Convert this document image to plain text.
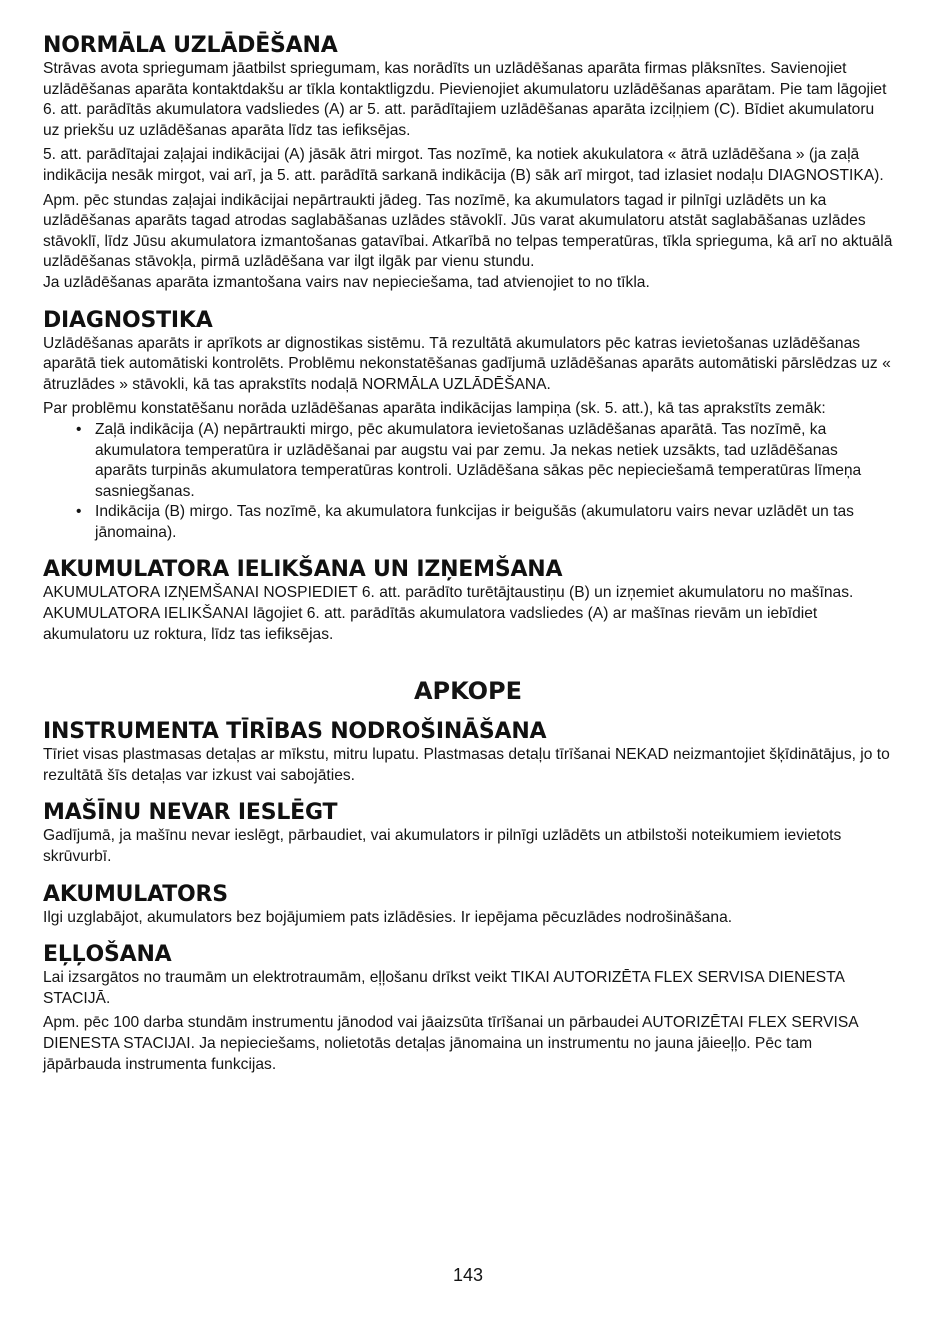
NORMĀLA UZLĀDĒŠANA

Strāvas avota spriegumam jāatbilst spriegumam, kas norādīts un uzlādēšanas aparāta firmas plāksnītes. Savienojiet uzlādēšanas aparāta kontaktdakšu ar tīkla kontaktligzdu. Pievienojiet akumulatoru uzlādēšanas aparātam. Pie tam lāgojiet 6. att. parādītās akumulatora vadsliedes (A) ar 5. att. parādītajiem uzlādēšanas aparāta izciļņiem (C). Bīdiet akumulatoru uz priekšu uz uzlādēšanas aparāta līdz tas iefiksējas.

5. att. parādītajai zaļajai indikācijai (A) jāsāk ātri mirgot. Tas nozīmē, ka notiek akukulatora « ātrā uzlādēšana » (ja zaļā indikācija nesāk mirgot, vai arī, ja 5. att. parādītā sarkanā indikācija (B) sāk arī mirgot, tad izlasiet nodaļu DIAGNOSTIKA).

Apm. pēc stundas zaļajai indikācijai nepārtraukti jādeg. Tas nozīmē, ka akumulators tagad ir pilnīgi uzlādēts un ka uzlādēšanas aparāts tagad atrodas saglabāšanas uzlādes stāvoklī. Jūs varat akumulatoru atstāt saglabāšanas uzlādes stāvoklī, līdz Jūsu akumulatora izmantošanas gatavībai. Atkarībā no telpas temperatūras, tīkla sprieguma, kā arī no aktuālā uzlādēšanas stāvokļa, pirmā uzlādēšana var ilgt ilgāk par vienu stundu.

Ja uzlādēšanas aparāta izmantošana vairs nav nepieciešama, tad atvienojiet to no tīkla.

DIAGNOSTIKA

Uzlādēšanas aparāts ir aprīkots ar dignostikas sistēmu. Tā rezultātā akumulators pēc katras ievietošanas uzlādēšanas aparātā tiek automātiski kontrolēts. Problēmu nekonstatēšanas gadījumā uzlādēšanas aparāts automātiski pārslēdzas uz « ātruzlādes » stāvokli, kā tas aprakstīts nodaļā NORMĀLA UZLĀDĒŠANA.

Par problēmu konstatēšanu norāda uzlādēšanas aparāta indikācijas lampiņa (sk. 5. att.), kā tas aprakstīts zemāk:

• Zaļā indikācija (A) nepārtraukti mirgo, pēc akumulatora ievietošanas uzlādēšanas aparātā. Tas nozīmē, ka akumulatora temperatūra ir uzlādēšanai par augstu vai par zemu. Ja nekas netiek uzsākts, tad uzlādēšanas aparāts turpinās akumulatora temperatūras kontroli. Uzlādēšana sākas pēc nepieciešamā temperatūras līmeņa sasniegšanas.
• Indikācija (B) mirgo. Tas nozīmē, ka akumulatora funkcijas ir beigušās (akumulatoru vairs nevar uzlādēt un tas jānomaina).
AKUMULATORA IELIKŠANA UN IZŅEMŠANA

AKUMULATORA IZŅEMŠANAI NOSPIEDIET 6. att. parādīto turētājtaustiņu (B) un izņemiet akumulatoru no mašīnas.

AKUMULATORA IELIKŠANAI lāgojiet 6. att. parādītās akumulatora vadsliedes (A) ar mašīnas rievām un iebīdiet akumulatoru uz roktura, līdz tas iefiksējas.

APKOPE
INSTRUMENTA TĪRĪBAS NODROŠINĀŠANA

Tīriet visas plastmasas detaļas ar mīkstu, mitru lupatu. Plastmasas detaļu tīrīšanai NEKAD neizmantojiet šķīdinātājus, jo to rezultātā šīs detaļas var izkust vai sabojāties.

MAŠĪNU NEVAR IESLĒGT

Gadījumā, ja mašīnu nevar ieslēgt, pārbaudiet, vai akumulators ir pilnīgi uzlādēts un atbilstoši noteikumiem ievietots skrūvurbī.

AKUMULATORS

Ilgi uzglabājot, akumulators bez bojājumiem pats izlādēsies. Ir iepējama pēcuzlādes nodrošināšana.

EĻĻOŠANA

Lai izsargātos no traumām un elektrotraumām, eļļošanu drīkst veikt TIKAI AUTORIZĒTA FLEX SERVISA DIENESTA STACIJĀ.

Apm. pēc 100 darba stundām instrumentu jānodod vai jāaizsūta tīrīšanai un pārbaudei AUTORIZĒTAI FLEX SERVISA DIENESTA STACIJAI. Ja nepieciešams, nolietotās detaļas jānomaina un instrumentu no jauna jāieeļļo. Pēc tam jāpārbauda instrumenta funkcijas.

143
